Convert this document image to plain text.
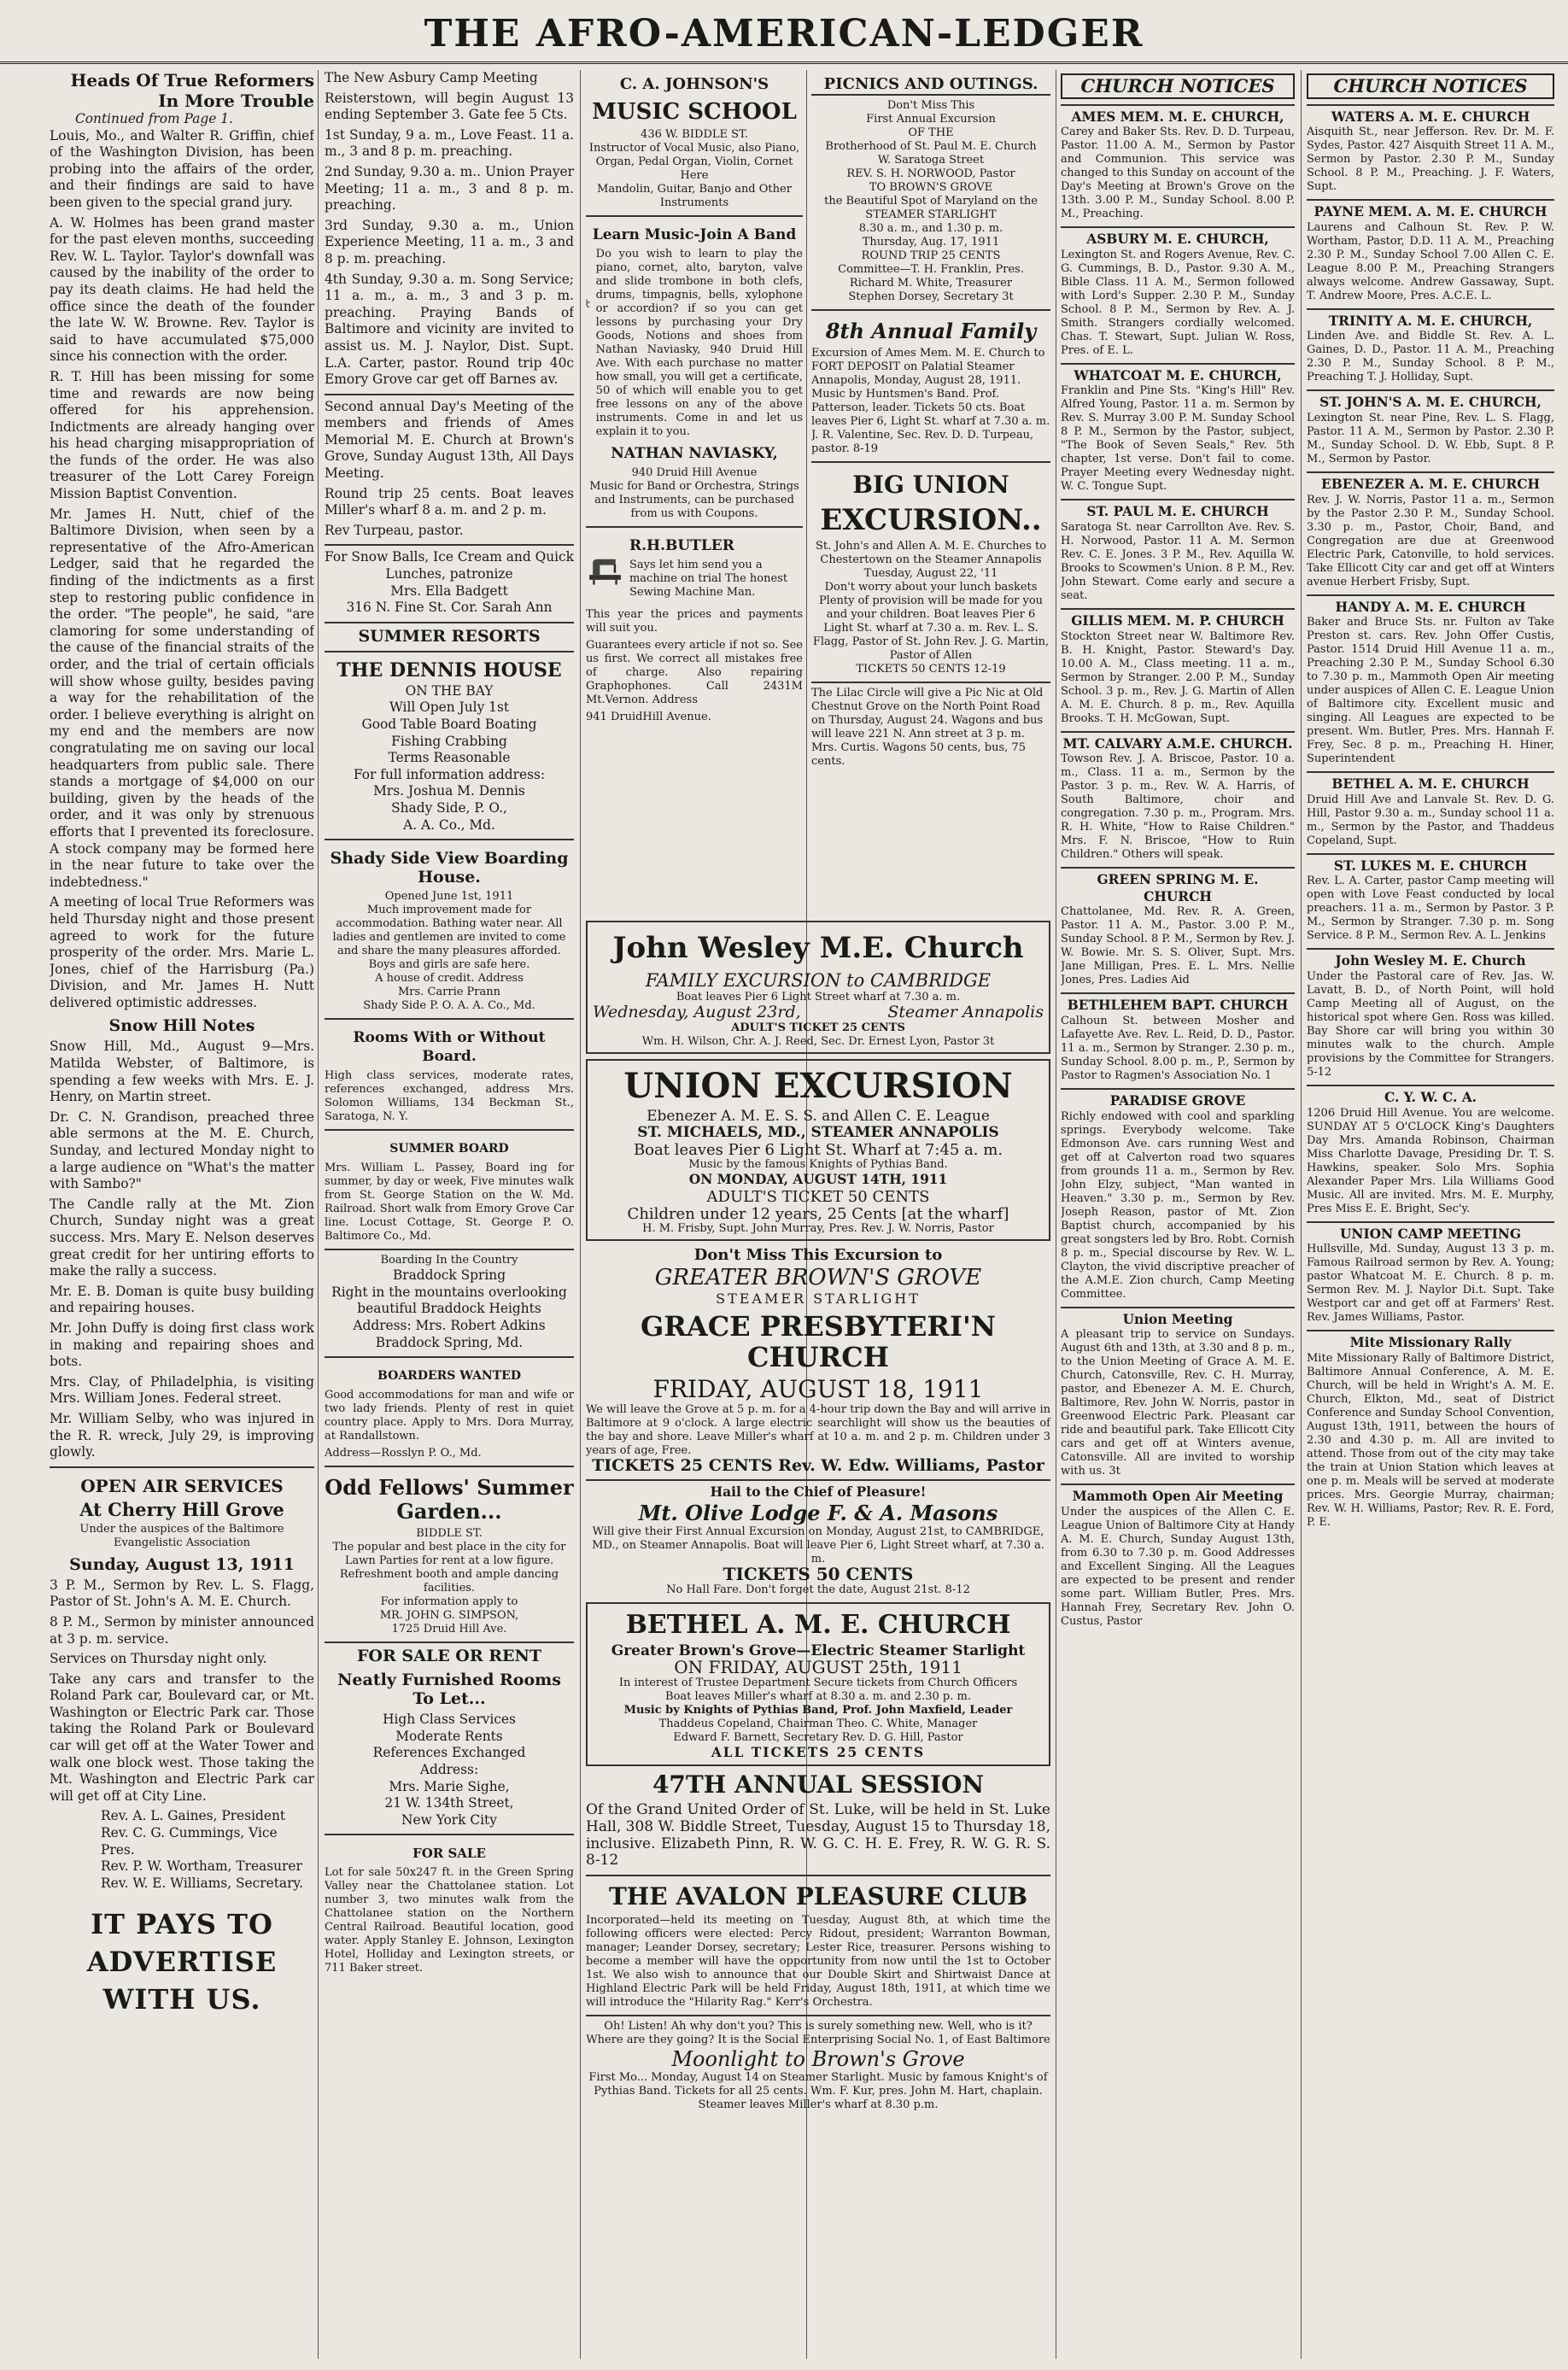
THE AFRO-AMERICAN-LEDGER
Heads Of True Reformers In More Trouble
Continued from Page 1.

Louis, Mo., and Walter R. Griffin, chief of the Washington Division, has been probing into the affairs of the order, and their findings are said to have been given to the special grand jury.

A. W. Holmes has been grand master for the past eleven months, succeeding Rev. W. L. Taylor. Taylor's downfall was caused by the inability of the order to pay its death claims. He had held the office since the death of the founder the late W. W. Browne. Rev. Taylor is said to have accumulated $75,000 since his connection with the order.

R. T. Hill has been missing for some time and rewards are now being offered for his apprehension. Indictments are already hanging over his head charging misappropriation of the funds of the order. He was also treasurer of the Lott Carey Foreign Mission Baptist Convention.

Mr. James H. Nutt, chief of the Baltimore Division, when seen by a representative of the Afro-American Ledger, said that he regarded the finding of the indictments as a first step to restoring public confidence in the order. "The people", he said, "are clamoring for some understanding of the cause of the financial straits of the order, and the trial of certain officials will show whose guilty, besides paving a way for the rehabilitation of the order. I believe everything is alright on my end and the members are now congratulating me on saving our local headquarters from public sale. There stands a mortgage of $4,000 on our building, given by the heads of the order, and it was only by strenuous efforts that I prevented its foreclosure. A stock company may be formed here in the near future to take over the indebtedness."

A meeting of local True Reformers was held Thursday night and those present agreed to work for the future prosperity of the order. Mrs. Marie L. Jones, chief of the Harrisburg (Pa.) Division, and Mr. James H. Nutt delivered optimistic addresses.

Snow Hill Notes

Snow Hill, Md., August 9—Mrs. Matilda Webster, of Baltimore, is spending a few weeks with Mrs. E. J. Henry, on Martin street.

Dr. C. N. Grandison, preached three able sermons at the M. E. Church, Sunday, and lectured Monday night to a large audience on "What's the matter with Sambo?"

The Candle rally at the Mt. Zion Church, Sunday night was a great success. Mrs. Mary E. Nelson deserves great credit for her untiring efforts to make the rally a success.

Mr. E. B. Doman is quite busy building and repairing houses.

Mr. John Duffy is doing first class work in making and repairing shoes and bots.

Mrs. Clay, of Philadelphia, is visiting Mrs. William Jones. Federal street.

Mr. William Selby, who was injured in the R. R. wreck, July 29, is improving glowly.

OPEN AIR SERVICES
At Cherry Hill Grove
Under the auspices of the Baltimore Evangelistic Association
Sunday, August 13, 1911

3 P. M., Sermon by Rev. L. S. Flagg, Pastor of St. John's A. M. E. Church.

8 P. M., Sermon by minister announced at 3 p. m. service.

Services on Thursday night only.

Take any cars and transfer to the Roland Park car, Boulevard car, or Mt. Washington or Electric Park car. Those taking the Roland Park or Boulevard car will get off at the Water Tower and walk one block west. Those taking the Mt. Washington and Electric Park car will get off at City Line.

Rev. A. L. Gaines, President
Rev. C. G. Cummings, Vice Pres.
Rev. P. W. Wortham, Treasurer
Rev. W. E. Williams, Secretary.
IT PAYS TO
ADVERTISE
WITH US.

The New Asbury Camp Meeting

Reisterstown, will begin August 13 ending September 3. Gate fee 5 Cts.

1st Sunday, 9 a. m., Love Feast. 11 a. m., 3 and 8 p. m. preaching.

2nd Sunday, 9.30 a. m.. Union Prayer Meeting; 11 a. m., 3 and 8 p. m. preaching.

3rd Sunday, 9.30 a. m., Union Experience Meeting, 11 a. m., 3 and 8 p. m. preaching.

4th Sunday, 9.30 a. m. Song Service; 11 a. m., a. m., 3 and 3 p. m. preaching. Praying Bands of Baltimore and vicinity are invited to assist us. M. J. Naylor, Dist. Supt. L.A. Carter, pastor. Round trip 40c Emory Grove car get off Barnes av.

Second annual Day's Meeting of the members and friends of Ames Memorial M. E. Church at Brown's Grove, Sunday August 13th, All Days Meeting.

Round trip 25 cents. Boat leaves Miller's wharf 8 a. m. and 2 p. m.

Rev Turpeau, pastor.

For Snow Balls, Ice Cream and Quick Lunches, patronize
Mrs. Ella Badgett
316 N. Fine St. Cor. Sarah Ann
SUMMER RESORTS
THE DENNIS HOUSE
ON THE BAY
Will Open July 1st
Good Table Board Boating
Fishing Crabbing
Terms Reasonable
For full information address:
Mrs. Joshua M. Dennis
Shady Side, P. O.,
A. A. Co., Md.
Shady Side View Boarding House.
Opened June 1st, 1911
Much improvement made for accommodation. Bathing water near. All ladies and gentlemen are invited to come and share the many pleasures afforded.
Boys and girls are safe here.
A house of credit. Address
Mrs. Carrie Prann
Shady Side P. O. A. A. Co., Md.
Rooms With or Without Board.

High class services, moderate rates, references exchanged, address Mrs. Solomon Williams, 134 Beckman St., Saratoga, N. Y.

SUMMER BOARD

Mrs. William L. Passey, Board ing for summer, by day or week, Five minutes walk from St. George Station on the W. Md. Railroad. Short walk from Emory Grove Car line. Locust Cottage, St. George P. O. Baltimore Co., Md.

Boarding In the Country
Braddock Spring
Right in the mountains overlooking beautiful Braddock Heights
Address: Mrs. Robert Adkins
Braddock Spring, Md.
BOARDERS WANTED

Good accommodations for man and wife or two lady friends. Plenty of rest in quiet country place. Apply to Mrs. Dora Murray, at Randallstown.

Address—Rosslyn P. O., Md.

Odd Fellows' Summer Garden...
BIDDLE ST.
The popular and best place in the city for Lawn Parties for rent at a low figure. Refreshment booth and ample dancing facilities.
For information apply to
MR. JOHN G. SIMPSON,
1725 Druid Hill Ave.
FOR SALE OR RENT
Neatly Furnished Rooms To Let...
High Class Services
Moderate Rents
References Exchanged
Address:
Mrs. Marie Sighe,
21 W. 134th Street,
New York City
FOR SALE

Lot for sale 50x247 ft. in the Green Spring Valley near the Chattolanee station. Lot number 3, two minutes walk from the Chattolanee station on the Northern Central Railroad. Beautiful location, good water. Apply Stanley E. Johnson, Lexington Hotel, Holliday and Lexington streets, or 711 Baker street.

C. A. JOHNSON'S
MUSIC SCHOOL
436 W. BIDDLE ST.
Instructor of Vocal Music, also Piano, Organ, Pedal Organ, Violin, Cornet
Here
Mandolin, Guitar, Banjo and Other Instruments
Learn Music-Join A Band
Do you wish to learn to play the piano, cornet, alto, baryton, valve and slide trombone in both clefs, drums, timpagnis, bells, xylophone or accordion? if so you can get lessons by purchasing your Dry Goods, Notions and shoes from Nathan Naviasky, 940 Druid Hill Ave. With each purchase no matter how small, you will get a certificate, 50 of which will enable you to get free lessons on any of the above instruments. Come in and let us explain it to you.
NATHAN NAVIASKY,
940 Druid Hill Avenue
Music for Band or Orchestra, Strings and Instruments, can be purchased from us with Coupons.
R.H.BUTLER
Says let him send you a machine on trial The honest Sewing Machine Man.

This year the prices and payments will suit you.

Guarantees every article if not so. See us first. We correct all mistakes free of charge. Also repairing Graphophones. Call 2431M Mt.Vernon. Address

941 DruidHill Avenue.

PICNICS AND OUTINGS.
Don't Miss This
First Annual Excursion
OF THE
Brotherhood of St. Paul M. E. Church
W. Saratoga Street
REV. S. H. NORWOOD, Pastor
TO BROWN'S GROVE
the Beautiful Spot of Maryland on the
STEAMER STARLIGHT
8.30 a. m., and 1.30 p. m.
Thursday, Aug. 17, 1911
ROUND TRIP 25 CENTS
Committee—T. H. Franklin, Pres.
Richard M. White, Treasurer
Stephen Dorsey, Secretary 3t
8th Annual Family
Excursion of Ames Mem. M. E. Church to FORT DEPOSIT on Palatial Steamer Annapolis, Monday, August 28, 1911. Music by Huntsmen's Band. Prof. Patterson, leader. Tickets 50 cts. Boat leaves Pier 6, Light St. wharf at 7.30 a. m. J. R. Valentine, Sec. Rev. D. D. Turpeau, pastor. 8-19
BIG UNION
EXCURSION..
St. John's and Allen A. M. E. Churches to
Chestertown on the Steamer Annapolis
Tuesday, August 22, '11
Don't worry about your lunch baskets Plenty of provision will be made for you and your children. Boat leaves Pier 6 Light St. wharf at 7.30 a. m. Rev. L. S. Flagg, Pastor of St. John Rev. J. G. Martin, Pastor of Allen
TICKETS 50 CENTS 12-19
The Lilac Circle will give a Pic Nic at Old Chestnut Grove on the North Point Road on Thursday, August 24. Wagons and bus will leave 221 N. Ann street at 3 p. m. Mrs. Curtis. Wagons 50 cents, bus, 75 cents.
John Wesley M.E. Church
FAMILY EXCURSION to CAMBRIDGE
Boat leaves Pier 6 Light Street wharf at 7.30 a. m.
Wednesday, August 23rd,	Steamer Annapolis
ADULT'S TICKET 25 CENTS
Wm. H. Wilson, Chr. A. J. Reed, Sec. Dr. Ernest Lyon, Pastor 3t
UNION EXCURSION
Ebenezer A. M. E. S. S. and Allen C. E. League
ST. MICHAELS, MD., STEAMER ANNAPOLIS
Boat leaves Pier 6 Light St. Wharf at 7:45 a. m.
Music by the famous Knights of Pythias Band.
ON MONDAY, AUGUST 14TH, 1911
ADULT'S TICKET 50 CENTS
Children under 12 years, 25 Cents [at the wharf]
H. M. Frisby, Supt. John Murray, Pres. Rev. J. W. Norris, Pastor
Don't Miss This Excursion to
GREATER BROWN'S GROVE
STEAMER STARLIGHT
GRACE PRESBYTERI'N CHURCH
FRIDAY, AUGUST 18, 1911
We will leave the Grove at 5 p. m. for a 4-hour trip down the Bay and will arrive in Baltimore at 9 o'clock. A large electric searchlight will show us the beauties of the bay and shore. Leave Miller's wharf at 10 a. m. and 2 p. m. Children under 3 years of age, Free.
TICKETS 25 CENTS Rev. W. Edw. Williams, Pastor
Hail to the Chief of Pleasure!
Mt. Olive Lodge F. & A. Masons
Will give their First Annual Excursion on Monday, August 21st, to CAMBRIDGE, MD., on Steamer Annapolis. Boat will leave Pier 6, Light Street wharf, at 7.30 a. m.
TICKETS 50 CENTS
No Hall Fare. Don't forget the date, August 21st. 8-12
BETHEL A. M. E. CHURCH
Greater Brown's Grove—Electric Steamer Starlight
ON FRIDAY, AUGUST 25th, 1911
In interest of Trustee Department Secure tickets from Church Officers
Boat leaves Miller's wharf at 8.30 a. m. and 2.30 p. m.
Music by Knights of Pythias Band, Prof. John Maxfield, Leader
Thaddeus Copeland, Chairman Theo. C. White, Manager
Edward F. Barnett, Secretary Rev. D. G. Hill, Pastor
ALL TICKETS 25 CENTS
47TH ANNUAL SESSION
Of the Grand United Order of St. Luke, will be held in St. Luke Hall, 308 W. Biddle Street, Tuesday, August 15 to Thursday 18, inclusive. Elizabeth Pinn, R. W. G. C. H. E. Frey, R. W. G. R. S. 8-12
THE AVALON PLEASURE CLUB
Incorporated—held its meeting on Tuesday, August 8th, at which time the following officers were elected: Percy Ridout, president; Warranton Bowman, manager; Leander Dorsey, secretary; Lester Rice, treasurer. Persons wishing to become a member will have the opportunity from now until the 1st to October 1st. We also wish to announce that our Double Skirt and Shirtwaist Dance at Highland Electric Park will be held Friday, August 18th, 1911, at which time we will introduce the "Hilarity Rag." Kerr's Orchestra.
Oh! Listen! Ah why don't you? This is surely something new. Well, who is it? Where are they going? It is the Social Enterprising Social No. 1, of East Baltimore
Moonlight to Brown's Grove
First Mo... Monday, August 14 on Steamer Starlight. Music by famous Knight's of Pythias Band. Tickets for all 25 cents. Wm. F. Kur, pres. John M. Hart, chaplain. Steamer leaves Miller's wharf at 8.30 p.m.
CHURCH NOTICES
AMES MEM. M. E. CHURCH,

Carey and Baker Sts. Rev. D. D. Turpeau, Pastor. 11.00 A. M., Sermon by Pastor and Communion. This service was changed to this Sunday on account of the Day's Meeting at Brown's Grove on the 13th. 3.00 P. M., Sunday School. 8.00 P. M., Preaching.

ASBURY M. E. CHURCH,

Lexington St. and Rogers Avenue, Rev. C. G. Cummings, B. D., Pastor. 9.30 A. M., Bible Class. 11 A. M., Sermon followed with Lord's Supper. 2.30 P. M., Sunday School. 8 P. M., Sermon by Rev. A. J. Smith. Strangers cordially welcomed. Chas. T. Stewart, Supt. Julian W. Ross, Pres. of E. L.

WHATCOAT M. E. CHURCH,

Franklin and Pine Sts. "King's Hill" Rev. Alfred Young, Pastor. 11 a. m. Sermon by Rev. S. Murray 3.00 P. M. Sunday School 8 P. M., Sermon by the Pastor, subject, "The Book of Seven Seals," Rev. 5th chapter, 1st verse. Don't fail to come. Prayer Meeting every Wednesday night. W. C. Tongue Supt.

ST. PAUL M. E. CHURCH

Saratoga St. near Carrollton Ave. Rev. S. H. Norwood, Pastor. 11 A. M. Sermon Rev. C. E. Jones. 3 P. M., Rev. Aquilla W. Brooks to Scowmen's Union. 8 P. M., Rev. John Stewart. Come early and secure a seat.

GILLIS MEM. M. P. CHURCH

Stockton Street near W. Baltimore Rev. B. H. Knight, Pastor. Steward's Day. 10.00 A. M., Class meeting. 11 a. m., Sermon by Stranger. 2.00 P. M., Sunday School. 3 p. m., Rev. J. G. Martin of Allen A. M. E. Church. 8 p. m., Rev. Aquilla Brooks. T. H. McGowan, Supt.

MT. CALVARY A.M.E. CHURCH.

Towson Rev. J. A. Briscoe, Pastor. 10 a. m., Class. 11 a. m., Sermon by the Pastor. 3 p. m., Rev. W. A. Harris, of South Baltimore, choir and congregation. 7.30 p. m., Program. Mrs. R. H. White, "How to Raise Children." Mrs. F. N. Briscoe, "How to Ruin Children." Others will speak.

GREEN SPRING M. E. CHURCH

Chattolanee, Md. Rev. R. A. Green, Pastor. 11 A. M., Pastor. 3.00 P. M., Sunday School. 8 P. M., Sermon by Rev. J. W. Bowie. Mr. S. S. Oliver, Supt. Mrs. Jane Milligan, Pres. E. L. Mrs. Nellie Jones, Pres. Ladies Aid

BETHLEHEM BAPT. CHURCH

Calhoun St. between Mosher and Lafayette Ave. Rev. L. Reid, D. D., Pastor. 11 a. m., Sermon by Stranger. 2.30 p. m., Sunday School. 8.00 p. m., P., Sermon by Pastor to Ragmen's Association No. 1

PARADISE GROVE

Richly endowed with cool and sparkling springs. Everybody welcome. Take Edmonson Ave. cars running West and get off at Calverton road two squares from grounds 11 a. m., Sermon by Rev. John Elzy, subject, "Man wanted in Heaven." 3.30 p. m., Sermon by Rev. Joseph Reason, pastor of Mt. Zion Baptist church, accompanied by his great songsters led by Bro. Robt. Cornish 8 p. m., Special discourse by Rev. W. L. Clayton, the vivid discriptive preacher of the A.M.E. Zion church, Camp Meeting Committee.

Union Meeting

A pleasant trip to service on Sundays. August 6th and 13th, at 3.30 and 8 p. m., to the Union Meeting of Grace A. M. E. Church, Catonsville, Rev. C. H. Murray, pastor, and Ebenezer A. M. E. Church, Baltimore, Rev. John W. Norris, pastor in Greenwood Electric Park. Pleasant car ride and beautiful park. Take Ellicott City cars and get off at Winters avenue, Catonsville. All are invited to worship with us. 3t

Mammoth Open Air Meeting

Under the auspices of the Allen C. E. League Union of Baltimore City at Handy A. M. E. Church, Sunday August 13th, from 6.30 to 7.30 p. m. Good Addresses and Excellent Singing. All the Leagues are expected to be present and render some part. William Butler, Pres. Mrs. Hannah Frey, Secretary Rev. John O. Custus, Pastor

CHURCH NOTICES
WATERS A. M. E. CHURCH

Aisquith St., near Jefferson. Rev. Dr. M. F. Sydes, Pastor. 427 Aisquith Street 11 A. M., Sermon by Pastor. 2.30 P. M., Sunday School. 8 P. M., Preaching. J. F. Waters, Supt.

PAYNE MEM. A. M. E. CHURCH

Laurens and Calhoun St. Rev. P. W. Wortham, Pastor, D.D. 11 A. M., Preaching 2.30 P. M., Sunday School 7.00 Allen C. E. League 8.00 P. M., Preaching Strangers always welcome. Andrew Gassaway, Supt. T. Andrew Moore, Pres. A.C.E. L.

TRINITY A. M. E. CHURCH,

Linden Ave. and Biddle St. Rev. A. L. Gaines, D. D., Pastor. 11 A. M., Preaching 2.30 P. M., Sunday School. 8 P. M., Preaching T. J. Holliday, Supt.

ST. JOHN'S A. M. E. CHURCH,

Lexington St. near Pine, Rev. L. S. Flagg, Pastor. 11 A. M., Sermon by Pastor. 2.30 P. M., Sunday School. D. W. Ebb, Supt. 8 P. M., Sermon by Pastor.

EBENEZER A. M. E. CHURCH

Rev. J. W. Norris, Pastor 11 a. m., Sermon by the Pastor 2.30 P. M., Sunday School. 3.30 p. m., Pastor, Choir, Band, and Congregation are due at Greenwood Electric Park, Catonville, to hold services. Take Ellicott City car and get off at Winters avenue Herbert Frisby, Supt.

HANDY A. M. E. CHURCH

Baker and Bruce Sts. nr. Fulton av Take Preston st. cars. Rev. John Offer Custis, Pastor. 1514 Druid Hill Avenue 11 a. m., Preaching 2.30 P. M., Sunday School 6.30 to 7.30 p. m., Mammoth Open Air meeting under auspices of Allen C. E. League Union of Baltimore city. Excellent music and singing. All Leagues are expected to be present. Wm. Butler, Pres. Mrs. Hannah F. Frey, Sec. 8 p. m., Preaching H. Hiner, Superintendent

BETHEL A. M. E. CHURCH

Druid Hill Ave and Lanvale St. Rev. D. G. Hill, Pastor 9.30 a. m., Sunday school 11 a. m., Sermon by the Pastor, and Thaddeus Copeland, Supt.

ST. LUKES M. E. CHURCH

Rev. L. A. Carter, pastor Camp meeting will open with Love Feast conducted by local preachers. 11 a. m., Sermon by Pastor. 3 P. M., Sermon by Stranger. 7.30 p. m. Song Service. 8 P. M., Sermon Rev. A. L. Jenkins

John Wesley M. E. Church

Under the Pastoral care of Rev. Jas. W. Lavatt, B. D., of North Point, will hold Camp Meeting all of August, on the historical spot where Gen. Ross was killed. Bay Shore car will bring you within 30 minutes walk to the church. Ample provisions by the Committee for Strangers. 5-12

C. Y. W. C. A.

1206 Druid Hill Avenue. You are welcome. SUNDAY AT 5 O'CLOCK King's Daughters Day Mrs. Amanda Robinson, Chairman Miss Charlotte Davage, Presiding Dr. T. S. Hawkins, speaker. Solo Mrs. Sophia Alexander Paper Mrs. Lila Williams Good Music. All are invited. Mrs. M. E. Murphy, Pres Miss E. E. Bright, Sec'y.

UNION CAMP MEETING

Hullsville, Md. Sunday, August 13 3 p. m. Famous Railroad sermon by Rev. A. Young; pastor Whatcoat M. E. Church. 8 p. m. Sermon Rev. M. J. Naylor Di.t. Supt. Take Westport car and get off at Farmers' Rest. Rev. James Williams, Pastor.

Mite Missionary Rally

Mite Missionary Rally of Baltimore District, Baltimore Annual Conference, A. M. E. Church, will be held in Wright's A. M. E. Church, Elkton, Md., seat of District Conference and Sunday School Convention, August 13th, 1911, between the hours of 2.30 and 4.30 p. m. All are invited to attend. Those from out of the city may take the train at Union Station which leaves at one p. m. Meals will be served at moderate prices. Mrs. Georgie Murray, chairman; Rev. W. H. Williams, Pastor; Rev. R. E. Ford, P. E.
